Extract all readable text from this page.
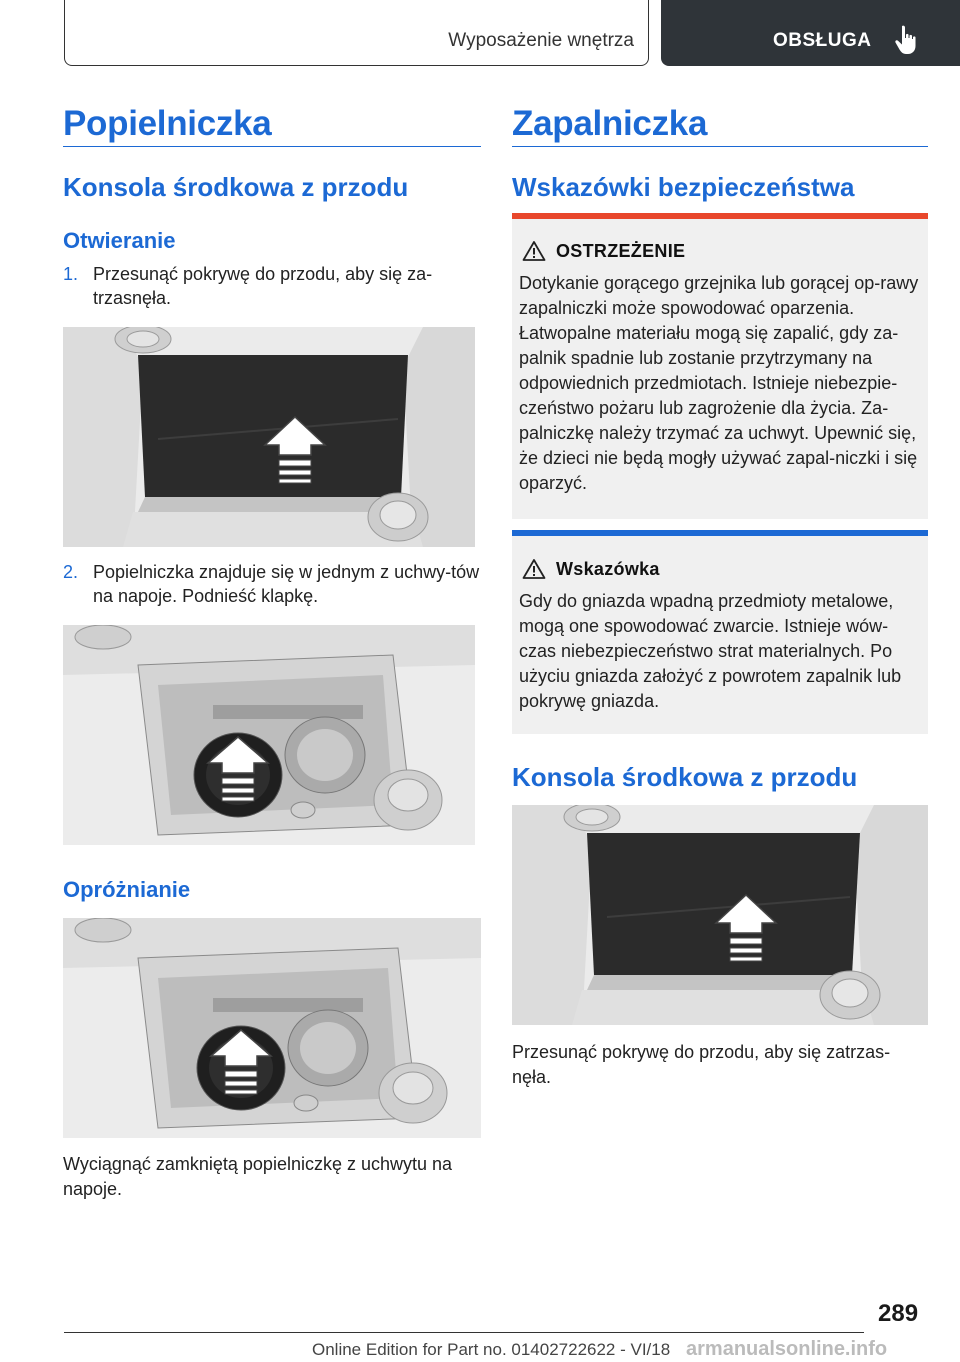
Wyposażenie wnętrza	OBSŁUGA
Popielniczka
Konsola środkowa z przodu
Otwieranie
1. Przesunąć pokrywę do przodu, aby się za-trzasnęła.
2. Popielniczka znajduje się w jednym z uchwy-tów na napoje. Podnieść klapkę.
Opróżnianie

Wyciągnąć zamkniętą popielniczkę z uchwytu na napoje.

Zapalniczka
Wskazówki bezpieczeństwa
OSTRZEŻENIE

Dotykanie gorącego grzejnika lub gorącej op-rawy zapalniczki może spowodować oparzenia. Łatwopalne materiału mogą się zapalić, gdy za-palnik spadnie lub zostanie przytrzymany na odpowiednich przedmiotach. Istnieje niebezpie-czeństwo pożaru lub zagrożenie dla życia. Za-palniczkę należy trzymać za uchwyt. Upewnić się, że dzieci nie będą mogły używać zapal-niczki i się oparzyć.

Wskazówka

Gdy do gniazda wpadną przedmioty metalowe, mogą one spowodować zwarcie. Istnieje wów-czas niebezpieczeństwo strat materialnych. Po użyciu gniazda założyć z powrotem zapalnik lub pokrywę gniazda.

Konsola środkowa z przodu

Przesunąć pokrywę do przodu, aby się zatrzas-nęła.

289
Online Edition for Part no. 01402722622 - VI/18 armanualsonline.info
